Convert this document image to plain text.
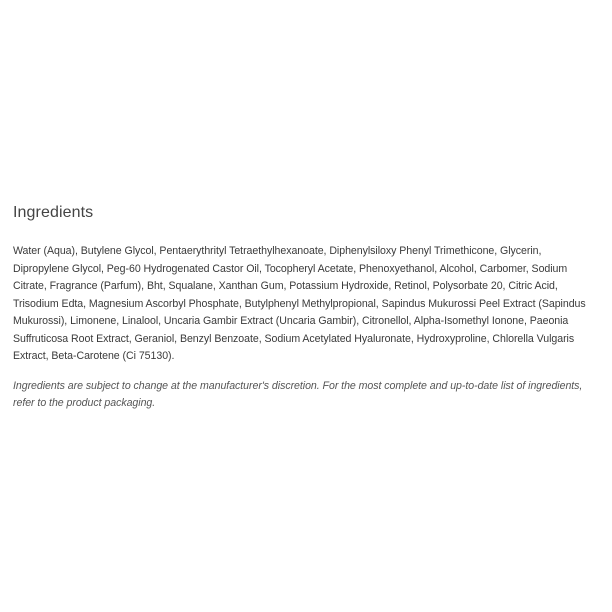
Ingredients

Water (Aqua), Butylene Glycol, Pentaerythrityl Tetraethylhexanoate, Diphenylsiloxy Phenyl Trimethicone, Glycerin, Dipropylene Glycol, Peg-60 Hydrogenated Castor Oil, Tocopheryl Acetate, Phenoxyethanol, Alcohol, Carbomer, Sodium Citrate, Fragrance (Parfum), Bht, Squalane, Xanthan Gum, Potassium Hydroxide, Retinol, Polysorbate 20, Citric Acid, Trisodium Edta, Magnesium Ascorbyl Phosphate, Butylphenyl Methylpropional, Sapindus Mukurossi Peel Extract (Sapindus Mukurossi), Limonene, Linalool, Uncaria Gambir Extract (Uncaria Gambir), Citronellol, Alpha-Isomethyl Ionone, Paeonia Suffruticosa Root Extract, Geraniol, Benzyl Benzoate, Sodium Acetylated Hyaluronate, Hydroxyproline, Chlorella Vulgaris Extract, Beta-Carotene (Ci 75130).

Ingredients are subject to change at the manufacturer's discretion. For the most complete and up-to-date list of ingredients, refer to the product packaging.
